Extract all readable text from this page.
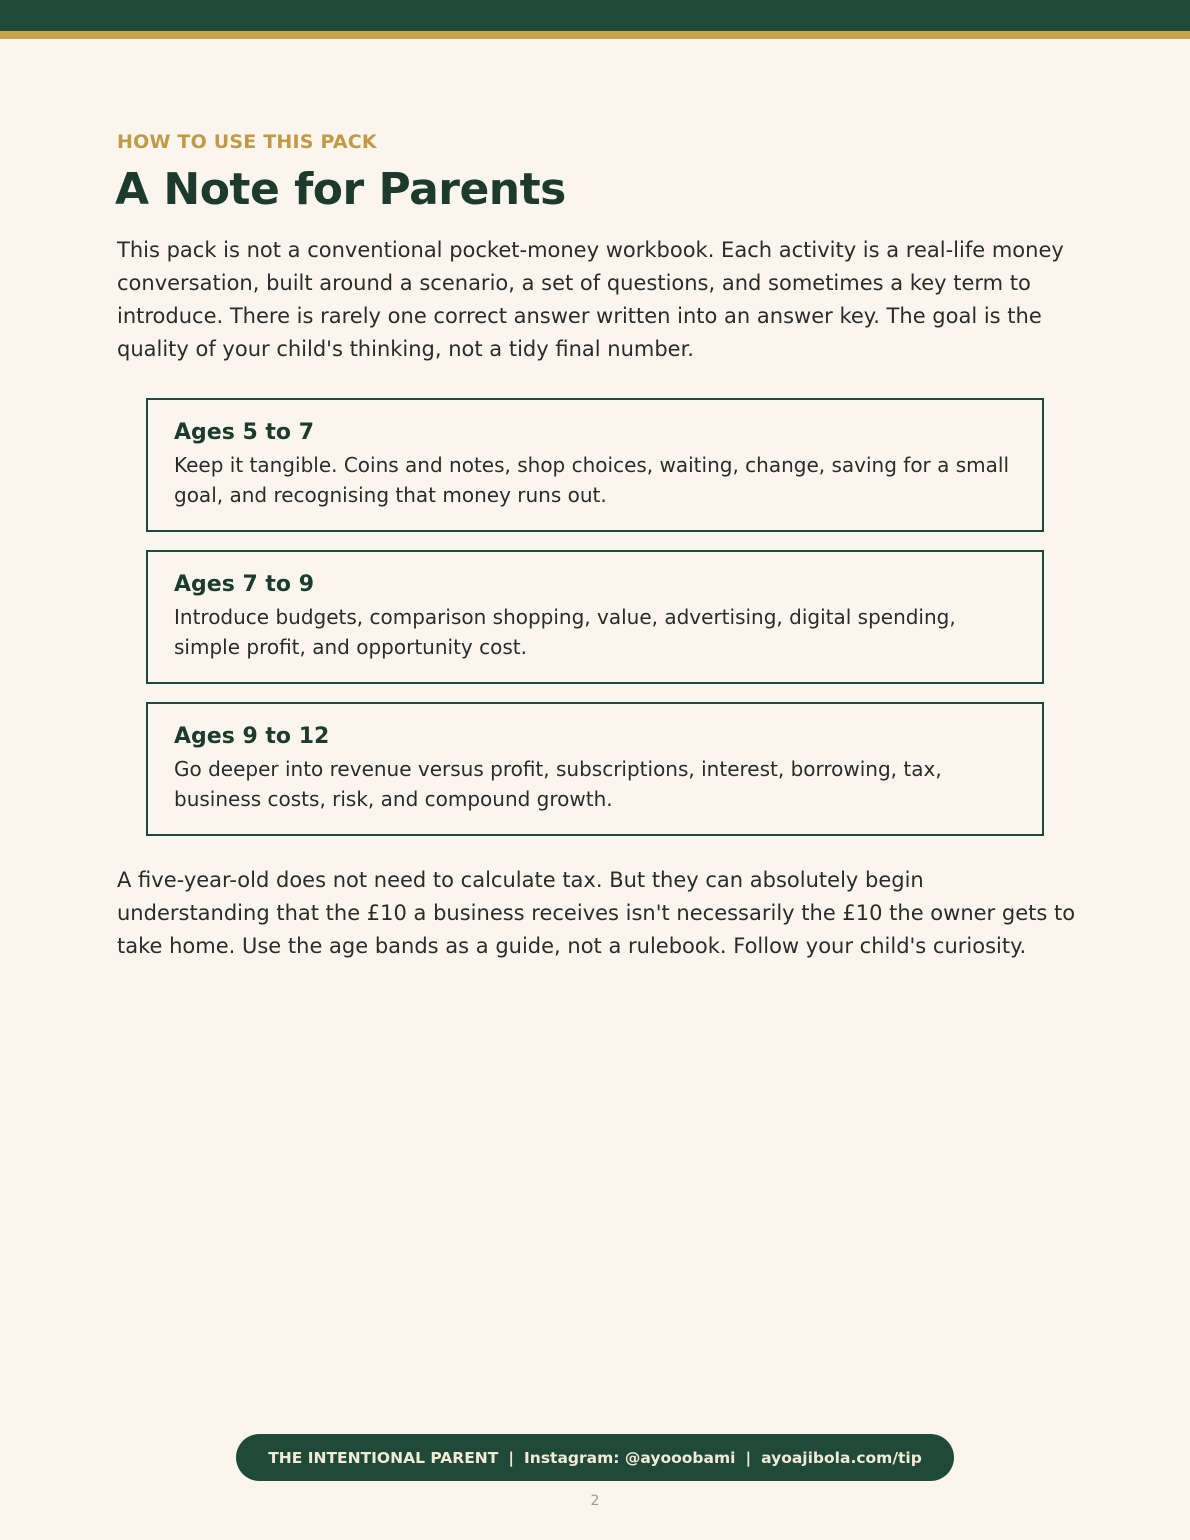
HOW TO USE THIS PACK
A Note for Parents

This pack is not a conventional pocket-money workbook. Each activity is a real-life money conversation, built around a scenario, a set of questions, and sometimes a key term to introduce. There is rarely one correct answer written into an answer key. The goal is the quality of your child's thinking, not a tidy final number.

Ages 5 to 7
Keep it tangible. Coins and notes, shop choices, waiting, change, saving for a small goal, and recognising that money runs out.
Ages 7 to 9
Introduce budgets, comparison shopping, value, advertising, digital spending, simple profit, and opportunity cost.
Ages 9 to 12
Go deeper into revenue versus profit, subscriptions, interest, borrowing, tax, business costs, risk, and compound growth.

A five-year-old does not need to calculate tax. But they can absolutely begin understanding that the £10 a business receives isn't necessarily the £10 the owner gets to take home. Use the age bands as a guide, not a rulebook. Follow your child's curiosity.

THE INTENTIONAL PARENT | Instagram: @ayooobami | ayoajibola.com/tip
2
